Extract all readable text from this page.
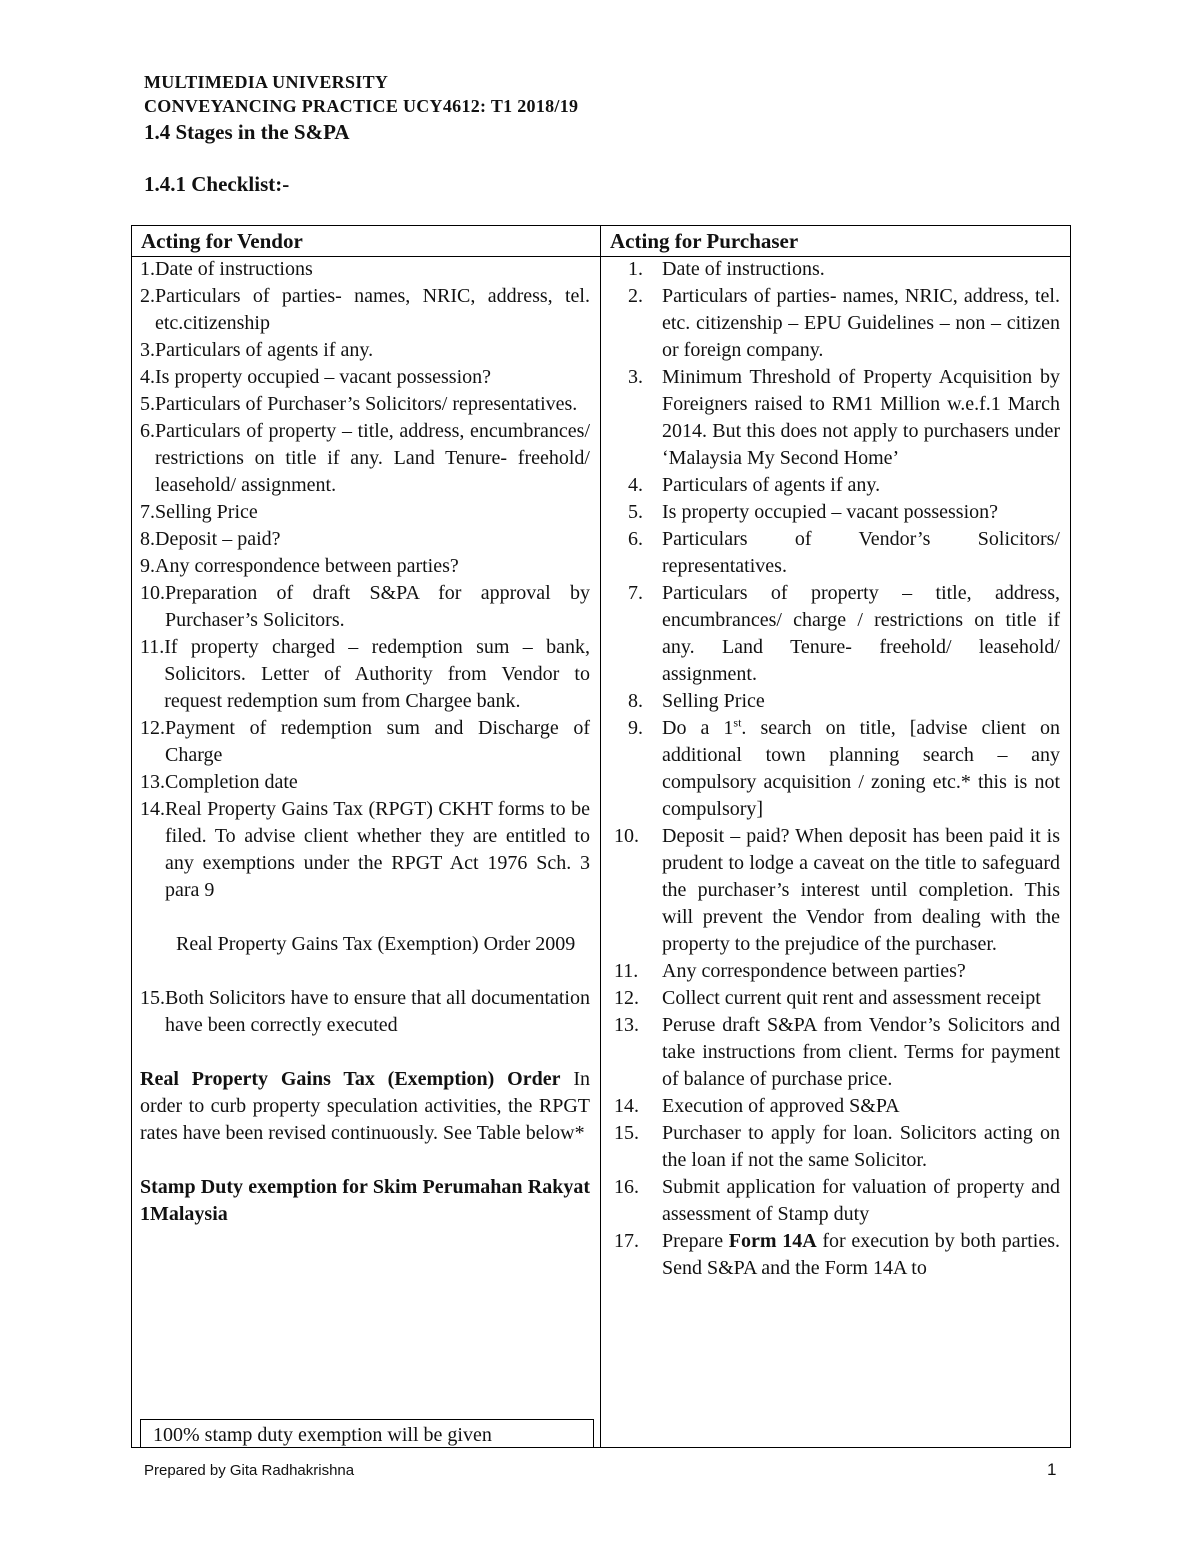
MULTIMEDIA UNIVERSITY
CONVEYANCING PRACTICE UCY4612: T1 2018/19
1.4 Stages in the S&PA
1.4.1 Checklist:-
Acting for Vendor	Acting for Purchaser
1. Date of instructions
2. Particulars of parties- names, NRIC, address, tel. etc.citizenship
3. Particulars of agents if any.
4. Is property occupied – vacant possession?
5. Particulars of Purchaser’s Solicitors/ representatives.
6. Particulars of property – title, address, encumbrances/ restrictions on title if any. Land Tenure- freehold/ leasehold/ assignment.
7. Selling Price
8. Deposit – paid?
9. Any correspondence between parties?
10. Preparation of draft S&PA for approval by Purchaser’s Solicitors.
11. If property charged – redemption sum – bank, Solicitors. Letter of Authority from Vendor to request redemption sum from Chargee bank.
12. Payment of redemption sum and Discharge of Charge
13. Completion date
14. Real Property Gains Tax (RPGT) CKHT forms to be filed. To advise client whether they are entitled to any exemptions under the RPGT Act 1976 Sch. 3 para 9
Real Property Gains Tax (Exemption) Order 2009
15. Both Solicitors have to ensure that all documentation have been correctly executed
Real Property Gains Tax (Exemption) Order In order to curb property speculation activities, the RPGT rates have been revised continuously. See Table below*
Stamp Duty exemption for Skim Perumahan Rakyat 1Malaysia
100% stamp duty exemption will be given
1. Date of instructions.
2. Particulars of parties- names, NRIC, address, tel. etc. citizenship – EPU Guidelines – non – citizen or foreign company.
3. Minimum Threshold of Property Acquisition by Foreigners raised to RM1 Million w.e.f.1 March 2014. But this does not apply to purchasers under ‘Malaysia My Second Home’
4. Particulars of agents if any.
5. Is property occupied – vacant possession?
6. Particulars of Vendor’s Solicitors/ representatives.
7. Particulars of property – title, address, encumbrances/ charge / restrictions on title if any. Land Tenure- freehold/ leasehold/ assignment.
8. Selling Price
9. Do a 1st. search on title, [advise client on additional town planning search – any compulsory acquisition / zoning etc.* this is not compulsory]
10.	Deposit – paid? When deposit has been paid it is prudent to lodge a caveat on the title to safeguard the purchaser’s interest until completion. This will prevent the Vendor from dealing with the property to the prejudice of the purchaser.
11.	Any correspondence between parties?
12.	Collect current quit rent and assessment receipt
13.	Peruse draft S&PA from Vendor’s Solicitors and take instructions from client. Terms for payment of balance of purchase price.
14.	Execution of approved S&PA
15.	Purchaser to apply for loan. Solicitors acting on the loan if not the same Solicitor.
16.	Submit application for valuation of property and assessment of Stamp duty
17.	Prepare Form 14A for execution by both parties. Send S&PA and the Form 14A to
Prepared by Gita Radhakrishna	1
